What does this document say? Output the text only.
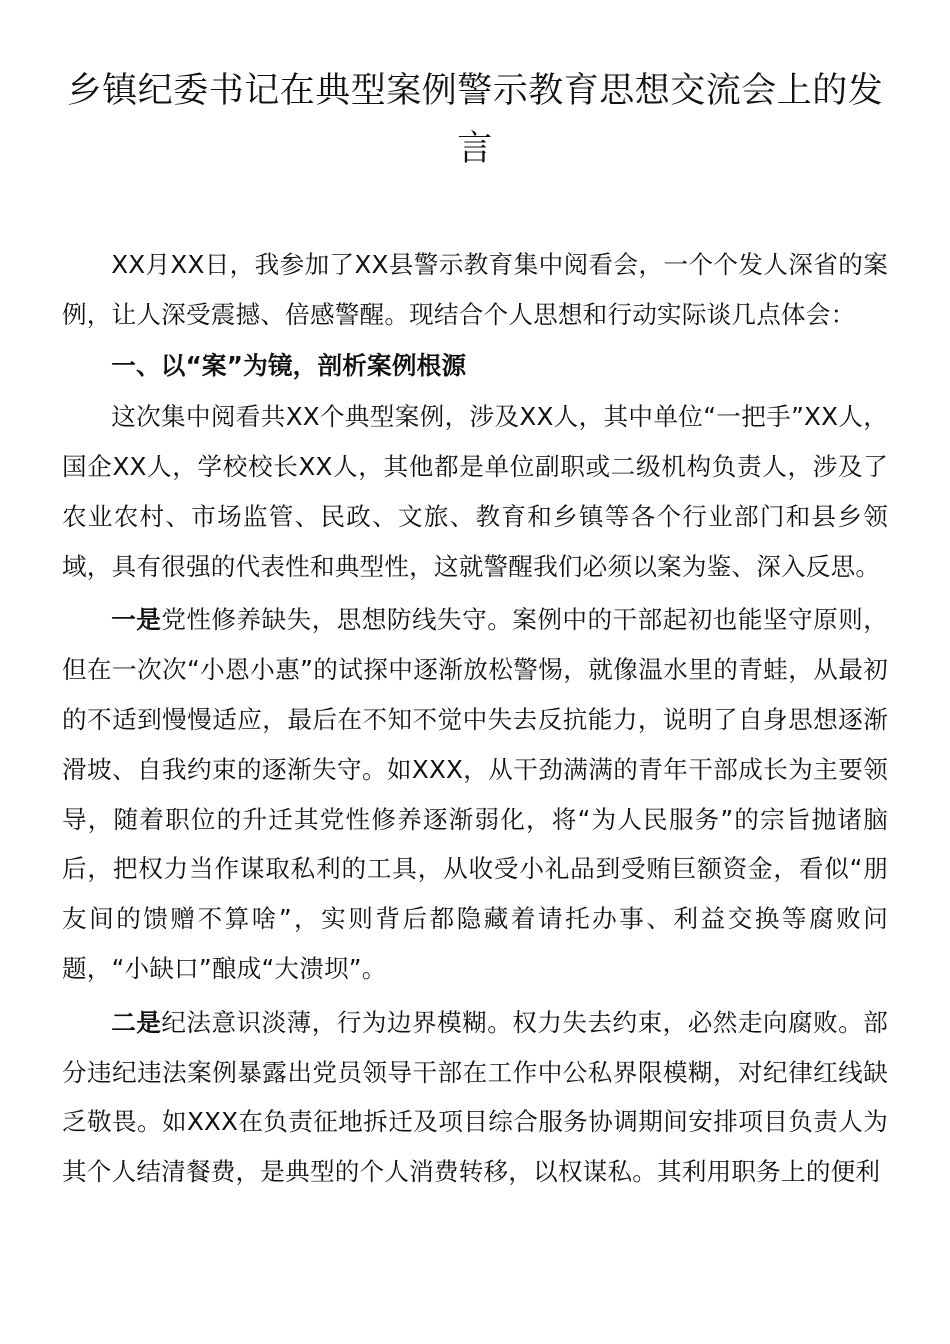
乡镇纪委书记在典型案例警示教育思想交流会上的发言

XX月XX日，我参加了XX县警示教育集中阅看会，一个个发人深省的案例，让人深受震撼、倍感警醒。现结合个人思想和行动实际谈几点体会：

一、以“案”为镜，剖析案例根源

这次集中阅看共XX个典型案例，涉及XX人，其中单位“一把手”XX人，国企XX人，学校校长XX人，其他都是单位副职或二级机构负责人，涉及了农业农村、市场监管、民政、文旅、教育和乡镇等各个行业部门和县乡领域，具有很强的代表性和典型性，这就警醒我们必须以案为鉴、深入反思。

一是党性修养缺失，思想防线失守。案例中的干部起初也能坚守原则，但在一次次“小恩小惠”的试探中逐渐放松警惕，就像温水里的青蛙，从最初的不适到慢慢适应，最后在不知不觉中失去反抗能力，说明了自身思想逐渐滑坡、自我约束的逐渐失守。如XXX，从干劲满满的青年干部成长为主要领导，随着职位的升迁其党性修养逐渐弱化，将“为人民服务”的宗旨抛诸脑后，把权力当作谋取私利的工具，从收受小礼品到受贿巨额资金，看似“朋友间的馈赠不算啥”，实则背后都隐藏着请托办事、利益交换等腐败问题，“小缺口”酿成“大溃坝”。

二是纪法意识淡薄，行为边界模糊。权力失去约束，必然走向腐败。部分违纪违法案例暴露出党员领导干部在工作中公私界限模糊，对纪律红线缺乏敬畏。如XXX在负责征地拆迁及项目综合服务协调期间安排项目负责人为其个人结清餐费，是典型的个人消费转移，以权谋私。其利用职务上的便利
